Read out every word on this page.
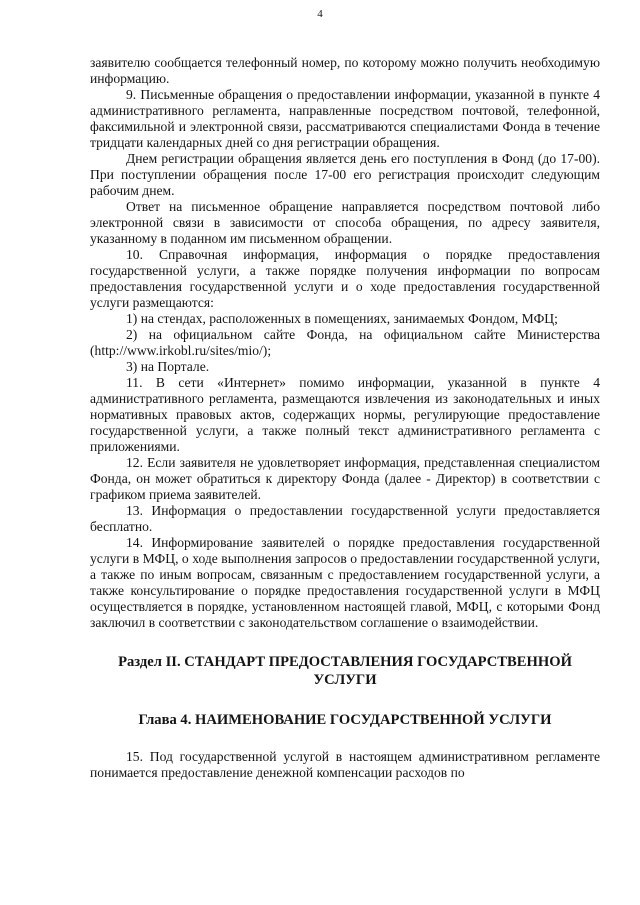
4

заявителю сообщается телефонный номер, по которому можно получить необходимую информацию.

9. Письменные обращения о предоставлении информации, указанной в пункте 4 административного регламента, направленные посредством почтовой, телефонной, факсимильной и электронной связи, рассматриваются специалистами Фонда в течение тридцати календарных дней со дня регистрации обращения.

Днем регистрации обращения является день его поступления в Фонд (до 17-00). При поступлении обращения после 17-00 его регистрация происходит следующим рабочим днем.

Ответ на письменное обращение направляется посредством почтовой либо электронной связи в зависимости от способа обращения, по адресу заявителя, указанному в поданном им письменном обращении.

10. Справочная информация, информация о порядке предоставления государственной услуги, а также порядке получения информации по вопросам предоставления государственной услуги и о ходе предоставления государственной услуги размещаются:

1) на стендах, расположенных в помещениях, занимаемых Фондом, МФЦ;

2) на официальном сайте Фонда, на официальном сайте Министерства (http://www.irkobl.ru/sites/mio/);

3) на Портале.

11. В сети «Интернет» помимо информации, указанной в пункте 4 административного регламента, размещаются извлечения из законодательных и иных нормативных правовых актов, содержащих нормы, регулирующие предоставление государственной услуги, а также полный текст административного регламента с приложениями.

12. Если заявителя не удовлетворяет информация, представленная специалистом Фонда, он может обратиться к директору Фонда (далее - Директор) в соответствии с графиком приема заявителей.

13. Информация о предоставлении государственной услуги предоставляется бесплатно.

14. Информирование заявителей о порядке предоставления государственной услуги в МФЦ, о ходе выполнения запросов о предоставлении государственной услуги, а также по иным вопросам, связанным с предоставлением государственной услуги, а также консультирование о порядке предоставления государственной услуги в МФЦ осуществляется в порядке, установленном настоящей главой, МФЦ, с которыми Фонд заключил в соответствии с законодательством соглашение о взаимодействии.

Раздел II. СТАНДАРТ ПРЕДОСТАВЛЕНИЯ ГОСУДАРСТВЕННОЙ УСЛУГИ

Глава 4. НАИМЕНОВАНИЕ ГОСУДАРСТВЕННОЙ УСЛУГИ

15. Под государственной услугой в настоящем административном регламенте понимается предоставление денежной компенсации расходов по
